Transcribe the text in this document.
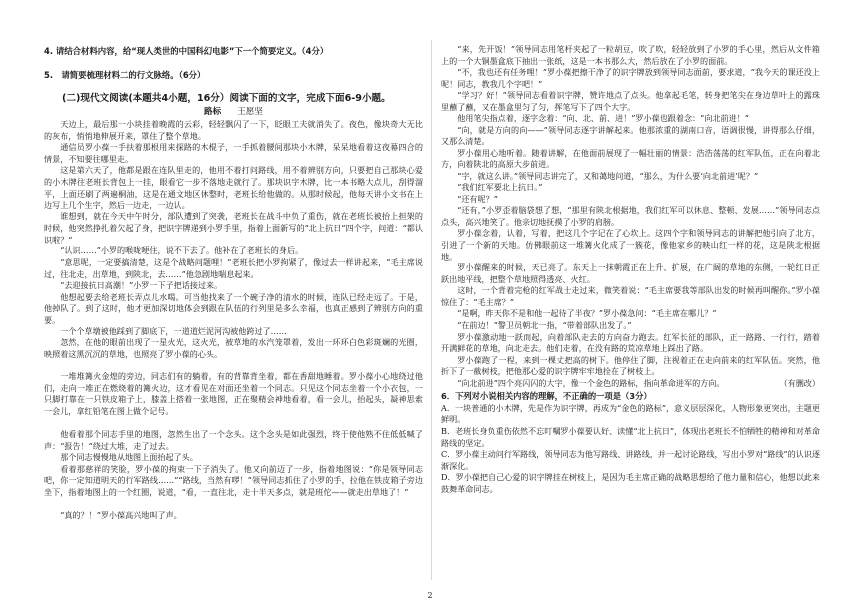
4. 请结合材料内容，给“现人类世的中国科幻电影”下一个简要定义。（4分）

5.　请简要梳理材料二的行文脉络。（6分）

(二)现代文阅读(本题共4小题，16分）阅读下面的文字，完成下面6-9小题。

路标 王愿坚

天边上，最后那一小块挂着晚霞的云彩，轻轻飘闪了一下，眨眼工夫就消失了。夜色，像块奇大无比的灰布，悄悄地伸展开来，罩住了整个草地。

通信员罗小葆一手扶着那根用来探路的木棍子，一手抓着腰间那块小木牌，呆呆地看着这夜幕四合的情景，不知要往哪里走。

这是第六天了，他都是跟在连队里走的，他用不着打问路线，用不着辨别方向，只要把自己那块心爱的小木牌往老班长背包上一挂，眼看它一步不落地走就行了。那块识字木牌，比一本书略大点儿，刮得溜平，上面还刷了两遍桐油，这是在通文地区休整时，老班长给他做的。从那时候起，他每天讲小文书在上边写上几个生字，然后一边走，一边认。

谁想到，就在今天中午时分，部队遭到了突袭，老班长在战斗中负了重伤，就在老班长被抬上担架的时候，他突然挣扎着欠起了身，把识字牌递到小罗手里，指着上面新写的“北上抗日”四个字，问道：“都认识啦？”

“认识……”小罗的喉咙哽住，说不下去了。他补在了老班长的身后。

“意思呢，一定要搞清楚，这是个战略问题哩！”老班长把小罗拘紧了，像过去一样讲起来，“毛主席说过，往北走，出草地，到陕北，去……”他急剧地喘息起来。

“去迎接抗日高潮！”小罗一下子把话接过来。

他想起要去给老班长弄点儿水喝。可当他找来了一个碗子净的清水的时候，连队已经走远了。于是，他掉队了。到了这时，他才更加深切地体会到跟在队伍的行列里是多么幸福，也真正感到了辨别方向的重要。

一个个草墩被他踩到了脚底下，一道道烂泥河沟被他跨过了……

忽然，在他的眼前出现了一星火光，这火光，被草地的水汽笼罩着，发出一环环白色彩斑斓的光圈，映照着这黑沉沉的草地，也照亮了罗小葆的心头。

一堆堆篝火金煌的旁边，同志们有的躺着，有的背靠背坐着，都在香甜地睡着。罗小葆小心地绕过他们，走向一堆正在燃烧着的篝火边，这才看见在对面还坐着一个同志。只见这个同志坐着一个小衣包，一只脚打靠在一只铁皮箱子上，膝盖上搭着一张地图，正在聚精会神地看着，看一会儿，抬起头，凝神思索一会儿，拿红铅笔在图上做个记号。

他看着那个同志手里的地图，忽然生出了一个念头。这个念头是如此强烈，终于使他熟不住低低喊了声：“报告！”绕过大堆，走了过去。

那个同志慢慢地从地图上面抬起了头。

看着那慈祥的笑脸，罗小葆的拘束一下子消失了。他又向前迈了一步，指着地图说：“你是领导同志吧，你一定知道明天的行军路线……”“路线，当然有啰！”领导同志抓住了小罗的手，拉他在铁皮箱子旁边坐下，指着地图上的一个红圈，说道，“看，一直往北，走十半天多点，就是班佗——就走出草地了！”

“真的？！”罗小葆高兴地叫了声。

“来，先开饭！”领导同志用笔杆夹起了一粒胡豆，吹了吹，轻轻放到了小罗的手心里，然后从文件箱上的一个大铜墨盒底下抽出一张纸，这是一本书那么大，然后放在了小罗的面前。

“不，我也还有任务哩！”罗小葆把擦干净了的识字牌放到领导同志面前，要求道，“我今天的课还没上呢！同志，教我几个字吧！”

“学习？好！”领导同志看着识字牌，赞许地点了点头。他拿起毛笔，转身把笔尖在身边草叶上的露珠里蘸了蘸，又在墨盒里匀了匀，挥笔写下了四个大字。

他用笔尖指点着，逐字念着：“向、北、前、进！”罗小葆也跟着念：“向北前进！”

“向，就是方向的向——”领导同志逐字讲解起来。他那浓重的湖南口音，语调很慢，讲得那么仔细，又那么清楚。

罗小葆用心地听着。随着讲解，在他面前展现了一幅壮丽的情景：浩浩荡荡的红军队伍，正在向着北方，向着陕北的高原大步前进。

“字，就这么讲。”领导同志讲完了，又和蔼地问道，“那么，为什么要‘向北前进’呢？”

“我们红军要北上抗日。”

“还有呢？”

“还有，”小罗歪着脑袋想了想，“那里有陕北根据地，我们红军可以休息、整顿、发展……”领导同志点点头，高兴地笑了。他亲切地抚摸了小罗的肩膀。

罗小葆念着，认着，写着，把这几个字记在了心坎上。这四个字和领导同志的讲解把他引向了北方，引进了一个新的天地。仿佛眼前这一堆篝火化成了一簇花，像他家乡的映山红一样的花，这是陕北根据地。

罗小葆醒来的时候，天已亮了。东天上一抹朝霞正在上升、扩展，在广阔的草地的东侧，一轮红日正跃出地平线，把整个草地照得透亮、火红。

这时，一个背着完枪的红军战士走过来，微笑着说：“毛主席要我等部队出发的时候再叫醒你。”罗小葆惊住了：“毛主席？”

“是啊，昨天你不是和他一起待了半夜？”罗小葆急问：“毛主席在哪儿？”

“在前边！”警卫员朝北一指，“带着部队出发了。”

罗小葆激动地一跃而起，向着部队走去的方向奋力跑去。红军长征的部队，正一路路、一行行，踏着开满鲜花的草地，向北走去。他们走着，在没有路的荒凉草地上踩出了路。

罗小葆跑了一程，来到一棵丈把高的树下。他停住了脚，注视着正在走向前来的红军队伍。突然，他折下了一截树枝，把他那心爱的识字牌牢牢地拴在了树枝上。

“向北前进”四个亮闪闪的大字，像一个金色的路标，指向革命进军的方向。	（有删改）

6．下列对小说相关内容的理解，不正确的一项是（3分）

A．一块普通的小木牌，先是作为识字牌，再成为“金色的路标”，意义层层深化，人物形象更突出，主题更鲜明。

B．老班长身负重伤依然不忘叮嘱罗小葆要认好、读懂“北上抗日”，体现出老班长不怕牺牲的精神和对革命路线的坚定。

C．罗小葆主动问行军路线，领导同志为他写路线、讲路线，并一起讨论路线，写出小罗对“路线”的认识逐渐深化。

D．罗小葆把自己心爱的识字牌挂在树枝上，是因为毛主席正确的战略思想给了他力量和信心，他想以此来鼓舞革命同志。

2
